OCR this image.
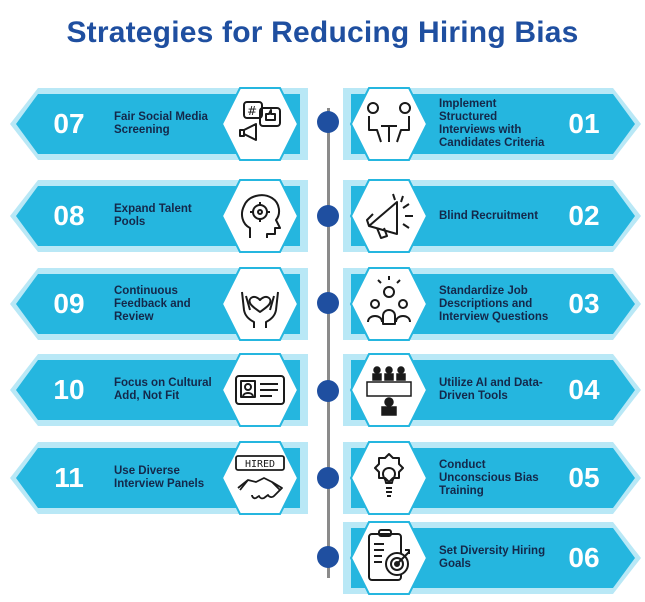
Strategies for Reducing Hiring Bias
07	Fair Social Media Screening
#
08	Expand Talent Pools
09	Continuous Feedback and Review
10	Focus on Cultural Add, Not Fit
11	Use Diverse Interview Panels
HIRED
01
Implement Structured Interviews with Candidates Criteria
02
Blind Recruitment
03
Standardize Job Descriptions and Interview Questions
04
Utilize AI and Data-Driven Tools
05
Conduct Unconscious Bias Training
06
Set Diversity Hiring Goals
